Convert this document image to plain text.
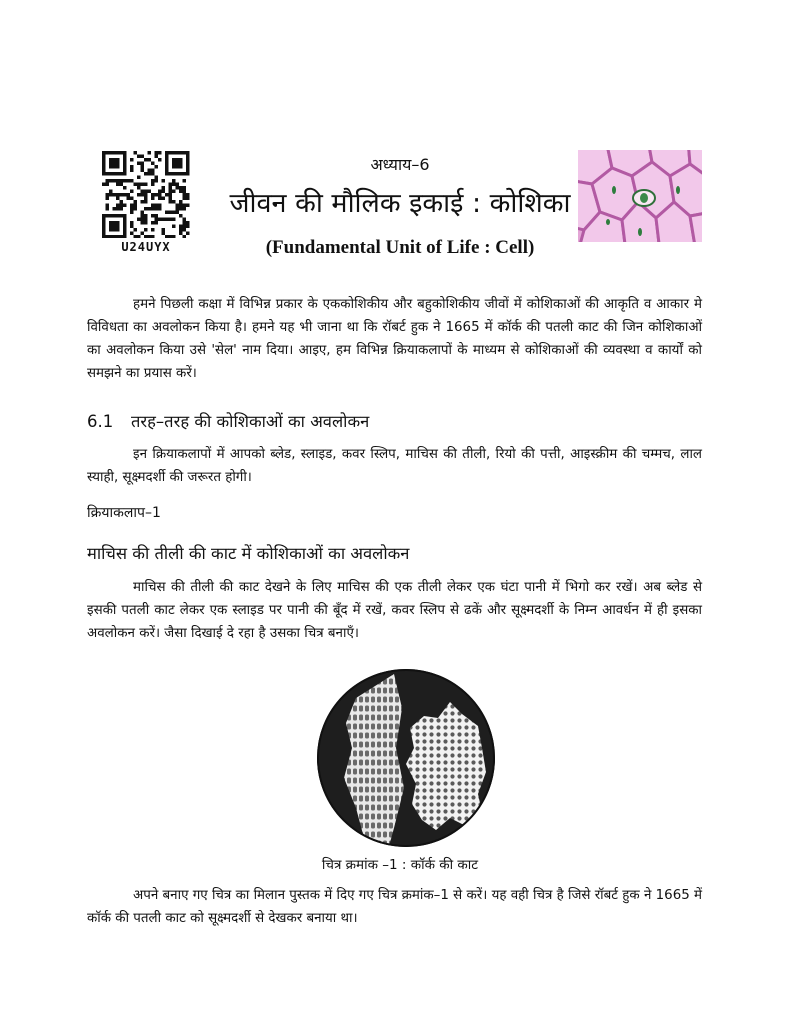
U24UYX
अध्याय–6
जीवन की मौलिक इकाई : कोशिका
(Fundamental Unit of Life : Cell)

हमने पिछली कक्षा में विभिन्न प्रकार के एककोशिकीय और बहुकोशिकीय जीवों में कोशिकाओं की आकृति व आकार मे विविधता का अवलोकन किया है। हमने यह भी जाना था कि रॉबर्ट हुक ने 1665 में कॉर्क की पतली काट की जिन कोशिकाओं का अवलोकन किया उसे 'सेल' नाम दिया। आइए, हम विभिन्न क्रियाकलापों के माध्यम से कोशिकाओं की व्यवस्था व कार्यों को समझने का प्रयास करें।

6.1 तरह–तरह की कोशिकाओं का अवलोकन

इन क्रियाकलापों में आपको ब्लेड, स्लाइड, कवर स्लिप, माचिस की तीली, रियो की पत्ती, आइस्क्रीम की चम्मच, लाल स्याही, सूक्ष्मदर्शी की जरूरत होगी।

क्रियाकलाप–1
माचिस की तीली की काट में कोशिकाओं का अवलोकन

माचिस की तीली की काट देखने के लिए माचिस की एक तीली लेकर एक घंटा पानी में भिगो कर रखें। अब ब्लेड से इसकी पतली काट लेकर एक स्लाइड पर पानी की बूँद में रखें, कवर स्लिप से ढकें और सूक्ष्मदर्शी के निम्न आवर्धन में ही इसका अवलोकन करें। जैसा दिखाई दे रहा है उसका चित्र बनाएँ।

चित्र क्रमांक –1 : कॉर्क की काट

अपने बनाए गए चित्र का मिलान पुस्तक में दिए गए चित्र क्रमांक–1 से करें। यह वही चित्र है जिसे रॉबर्ट हुक ने 1665 में कॉर्क की पतली काट को सूक्ष्मदर्शी से देखकर बनाया था।
